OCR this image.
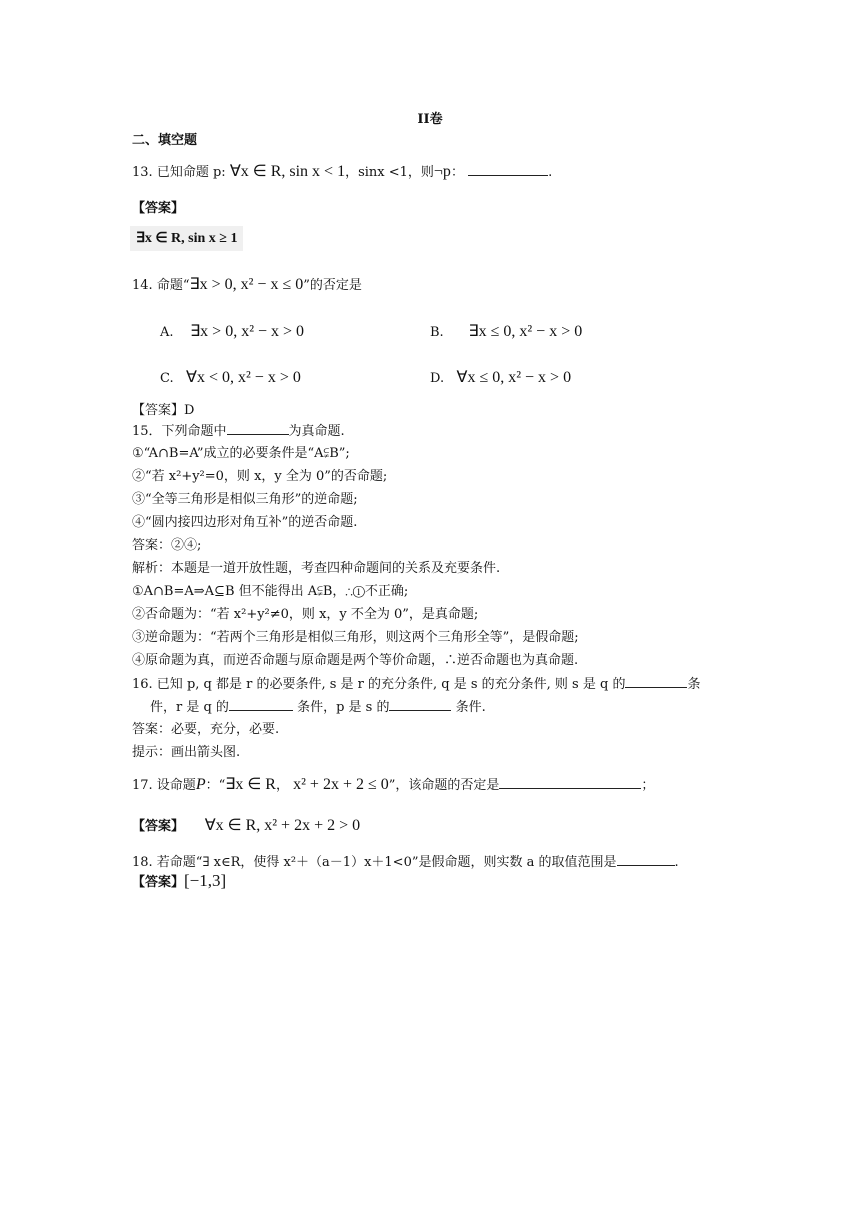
II卷
二、填空题
13. 已知命题 p: ∀x ∈ R, sin x < 1，sinx <1，则¬p：	.
【答案】
∃x ∈ R, sin x ≥ 1
14. 命题“∃x > 0, x² − x ≤ 0”的否定是
A. ∃x > 0, x² − x > 0	B. ∃x ≤ 0, x² − x > 0
C. ∀x < 0, x² − x > 0	D. ∀x ≤ 0, x² − x > 0
【答案】D
15．下列命题中	为真命题.
①“A∩B=A”成立的必要条件是“A⫋B”;
②“若 x²+y²=0，则 x，y 全为 0”的否命题;
③“全等三角形是相似三角形”的逆命题;
④“圆内接四边形对角互补”的逆否命题.
答案：②④;
解析：本题是一道开放性题，考查四种命题间的关系及充要条件.
①A∩B=A⇒A⊆B 但不能得出 A⫋B，∴①不正确;
②否命题为：“若 x²+y²≠0，则 x，y 不全为 0”，是真命题;
③逆命题为：“若两个三角形是相似三角形，则这两个三角形全等”，是假命题;
④原命题为真，而逆否命题与原命题是两个等价命题，∴逆否命题也为真命题.
16. 已知 p, q 都是 r 的必要条件, s 是 r 的充分条件, q 是 s 的充分条件, 则 s 是 q 的	条
件，r 是 q 的	条件，p 是 s 的	条件.
答案：必要，充分，必要.
提示：画出箭头图.
17. 设命题P：“∃x ∈ R， x² + 2x + 2 ≤ 0”，该命题的否定是	；
【答案】 ∀x ∈ R, x² + 2x + 2 > 0
18. 若命题“∃ x∈R，使得 x²＋（a－1）x＋1<0”是假命题，则实数 a 的取值范围是	.
【答案】[−1,3]
